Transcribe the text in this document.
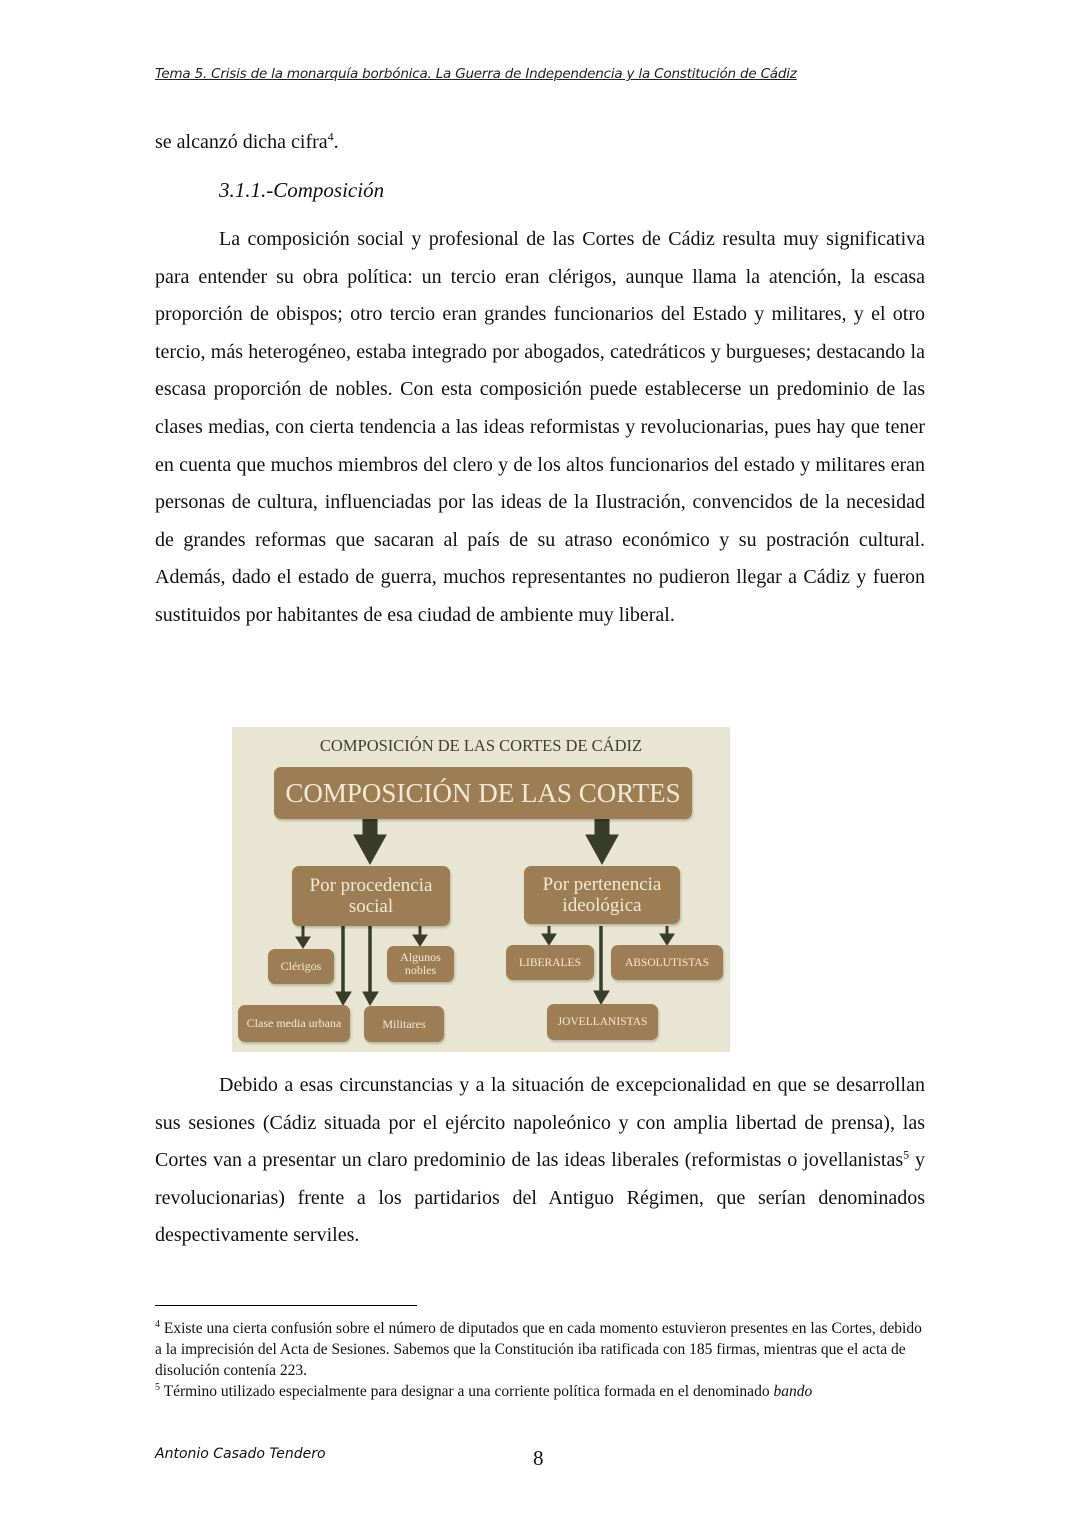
Tema 5. Crisis de la monarquía borbónica. La Guerra de Independencia y la Constitución de Cádiz
se alcanzó dicha cifra$^4$.
3.1.1.-Composición
La composición social y profesional de las Cortes de Cádiz resulta muy significativa para entender su obra política: un tercio eran clérigos, aunque llama la atención, la escasa proporción de obispos; otro tercio eran grandes funcionarios del Estado y militares, y el otro tercio, más heterogéneo, estaba integrado por abogados, catedráticos y burgueses; destacando la escasa proporción de nobles. Con esta composición puede establecerse un predominio de las clases medias, con cierta tendencia a las ideas reformistas y revolucionarias, pues hay que tener en cuenta que muchos miembros del clero y de los altos funcionarios del estado y militares eran personas de cultura, influenciadas por las ideas de la Ilustración, convencidos de la necesidad de grandes reformas que sacaran al país de su atraso económico y su postración cultural. Además, dado el estado de guerra, muchos representantes no pudieron llegar a Cádiz y fueron sustituidos por habitantes de esa ciudad de ambiente muy liberal.
COMPOSICIÓN DE LAS CORTES DE CÁDIZ
COMPOSICIÓN DE LAS CORTES
Por procedencia social
Por pertenencia ideológica
Clérigos
Algunos nobles
Clase media urbana	Militares
LIBERALES	ABSOLUTISTAS
JOVELLANISTAS
Debido a esas circunstancias y a la situación de excepcionalidad en que se desarrollan sus sesiones (Cádiz situada por el ejército napoleónico y con amplia libertad de prensa), las Cortes van a presentar un claro predominio de las ideas liberales (reformistas o jovellanistas$^5$ y revolucionarias) frente a los partidarios del Antiguo Régimen, que serían denominados despectivamente serviles.
$^4$ Existe una cierta confusión sobre el número de diputados que en cada momento estuvieron presentes en las Cortes, debido a la imprecisión del Acta de Sesiones. Sabemos que la Constitución iba ratificada con 185 firmas, mientras que el acta de disolución contenía 223.
$^5$ Término utilizado especialmente para designar a una corriente política formada en el denominado bando
Antonio Casado Tendero	8
